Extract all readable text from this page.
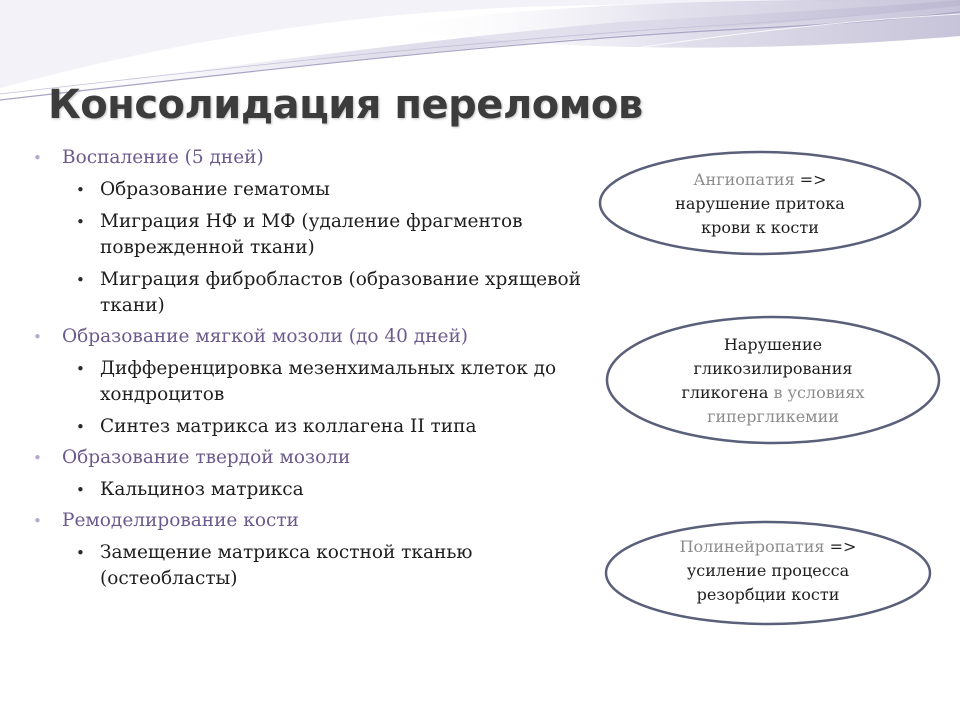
Консолидация переломов
• Воспаление (5 дней)
• Образование гематомы
• Миграция НФ и МФ (удаление фрагментов поврежденной ткани)
• Миграция фибробластов (образование хрящевой ткани)
• Образование мягкой мозоли (до 40 дней)
• Дифференцировка мезенхимальных клеток до хондроцитов
• Синтез матрикса из коллагена II типа
• Образование твердой мозоли
• Кальциноз матрикса
• Ремоделирование кости
• Замещение матрикса костной тканью (остеобласты)
Ангиопатия =>
нарушение притока
крови к кости
Нарушение
гликозилирования
гликогена в условиях
гипергликемии
Полинейропатия =>
усиление процесса
резорбции кости
